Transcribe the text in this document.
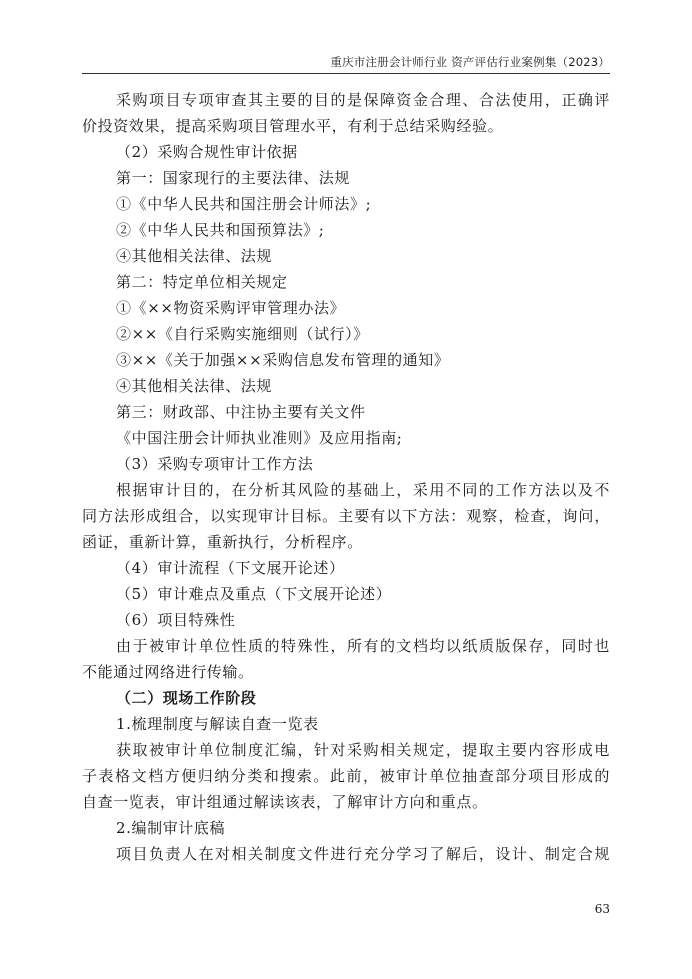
重庆市注册会计师行业 资产评估行业案例集（2023）
采购项目专项审查其主要的目的是保障资金合理、合法使用，正确评
价投资效果，提高采购项目管理水平，有利于总结采购经验。
（2）采购合规性审计依据
第一：国家现行的主要法律、法规
①《中华人民共和国注册会计师法》;
②《中华人民共和国预算法》;
④其他相关法律、法规
第二：特定单位相关规定
①《××物资采购评审管理办法》
②××《自行采购实施细则（试行）》
③××《关于加强××采购信息发布管理的通知》
④其他相关法律、法规
第三：财政部、中注协主要有关文件
《中国注册会计师执业准则》及应用指南;
（3）采购专项审计工作方法
根据审计目的，在分析其风险的基础上，采用不同的工作方法以及不
同方法形成组合，以实现审计目标。主要有以下方法：观察，检查，询问，
函证，重新计算，重新执行，分析程序。
（4）审计流程（下文展开论述）
（5）审计难点及重点（下文展开论述）
（6）项目特殊性
由于被审计单位性质的特殊性，所有的文档均以纸质版保存，同时也
不能通过网络进行传输。
（二）现场工作阶段
1.梳理制度与解读自查一览表
获取被审计单位制度汇编，针对采购相关规定，提取主要内容形成电
子表格文档方便归纳分类和搜索。此前，被审计单位抽查部分项目形成的
自查一览表，审计组通过解读该表，了解审计方向和重点。
2.编制审计底稿
项目负责人在对相关制度文件进行充分学习了解后，设计、制定合规
63
